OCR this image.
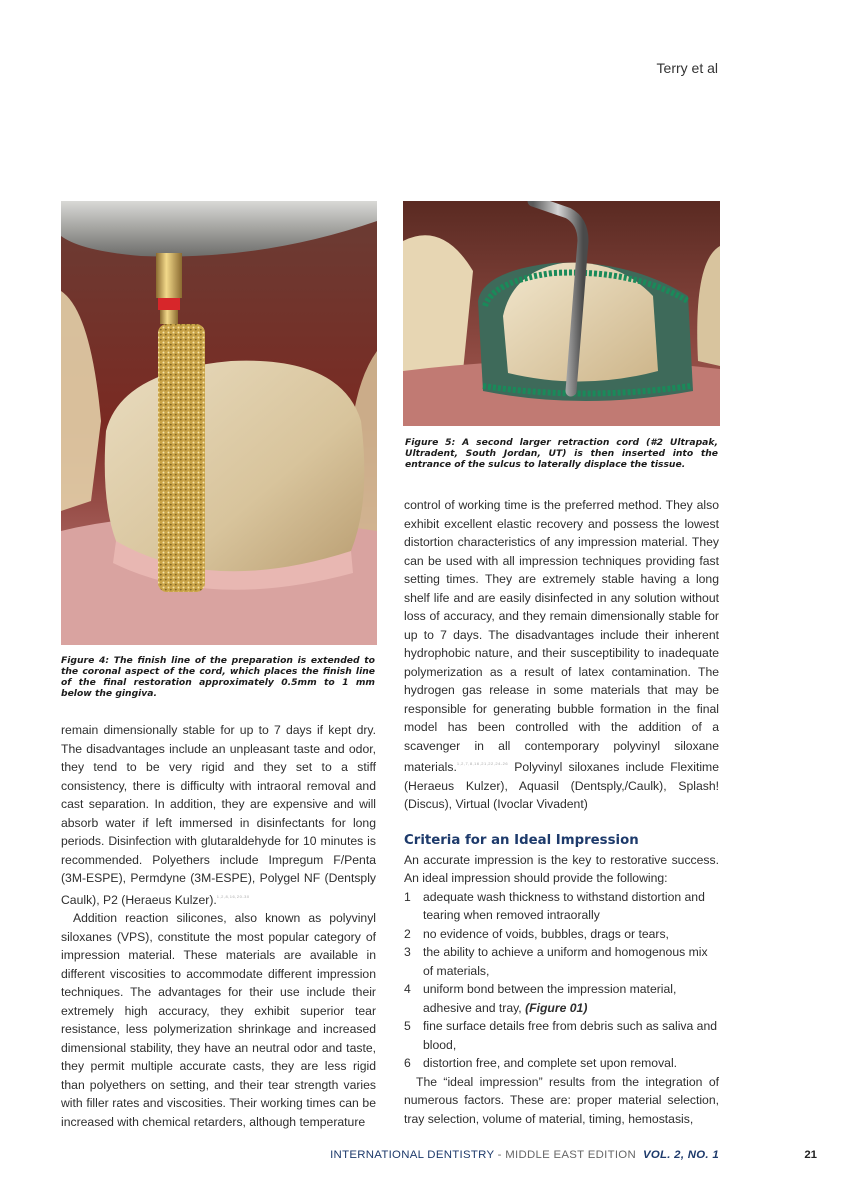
Terry et al
Figure 4: The finish line of the preparation is extended to the coronal aspect of the cord, which places the finish line of the final restoration approximately 0.5mm to 1 mm below the gingiva.
Figure 5: A second larger retraction cord (#2 Ultrapak, Ultradent, South Jordan, UT) is then inserted into the entrance of the sulcus to laterally displace the tissue.

remain dimensionally stable for up to 7 days if kept dry. The disadvantages include an unpleasant taste and odor, they tend to be very rigid and they set to a stiff consistency, there is difficulty with intraoral removal and cast separation. In addition, they are expensive and will absorb water if left immersed in disinfectants for long periods. Disinfection with glutaraldehyde for 10 minutes is recommended. Polyethers include Impregum F/Penta (3M-ESPE), Permdyne (3M-ESPE), Polygel NF (Dentsply Caulk), P2 (Heraeus Kulzer).$^{1,2,8,16,20-30}$

Addition reaction silicones, also known as polyvinyl siloxanes (VPS), constitute the most popular category of impression material. These materials are available in different viscosities to accommodate different impression techniques. The advantages for their use include their extremely high accuracy, they exhibit superior tear resistance, less polymerization shrinkage and increased dimensional stability, they have an neutral odor and taste, they permit multiple accurate casts, they are less rigid than polyethers on setting, and their tear strength varies with filler rates and viscosities. Their working times can be increased with chemical retarders, although temperature

control of working time is the preferred method. They also exhibit excellent elastic recovery and possess the lowest distortion characteristics of any impression material. They can be used with all impression techniques providing fast setting times. They are extremely stable having a long shelf life and are easily disinfected in any solution without loss of accuracy, and they remain dimensionally stable for up to 7 days. The disadvantages include their inherent hydrophobic nature, and their susceptibility to inadequate polymerization as a result of latex contamination. The hydrogen gas release in some materials that may be responsible for generating bubble formation in the final model has been controlled with the addition of a scavenger in all contemporary polyvinyl siloxane materials.$^{1,2,7,8,16,21,22,24-26}$ Polyvinyl siloxanes include Flexitime (Heraeus Kulzer), Aquasil (Dentsply,/Caulk), Splash! (Discus), Virtual (Ivoclar Vivadent)

Criteria for an Ideal Impression

An accurate impression is the key to restorative success. An ideal impression should provide the following:

1 adequate wash thickness to withstand distortion and tearing when removed intraorally
2 no evidence of voids, bubbles, drags or tears,
3 the ability to achieve a uniform and homogenous mix of materials,
4 uniform bond between the impression material, adhesive and tray, (Figure 01)
5 fine surface details free from debris such as saliva and blood,
6 distortion free, and complete set upon removal.

The “ideal impression” results from the integration of numerous factors. These are: proper material selection, tray selection, volume of material, timing, hemostasis,

INTERNATIONAL DENTISTRY - MIDDLE EAST EDITION VOL. 2, NO. 1	21
